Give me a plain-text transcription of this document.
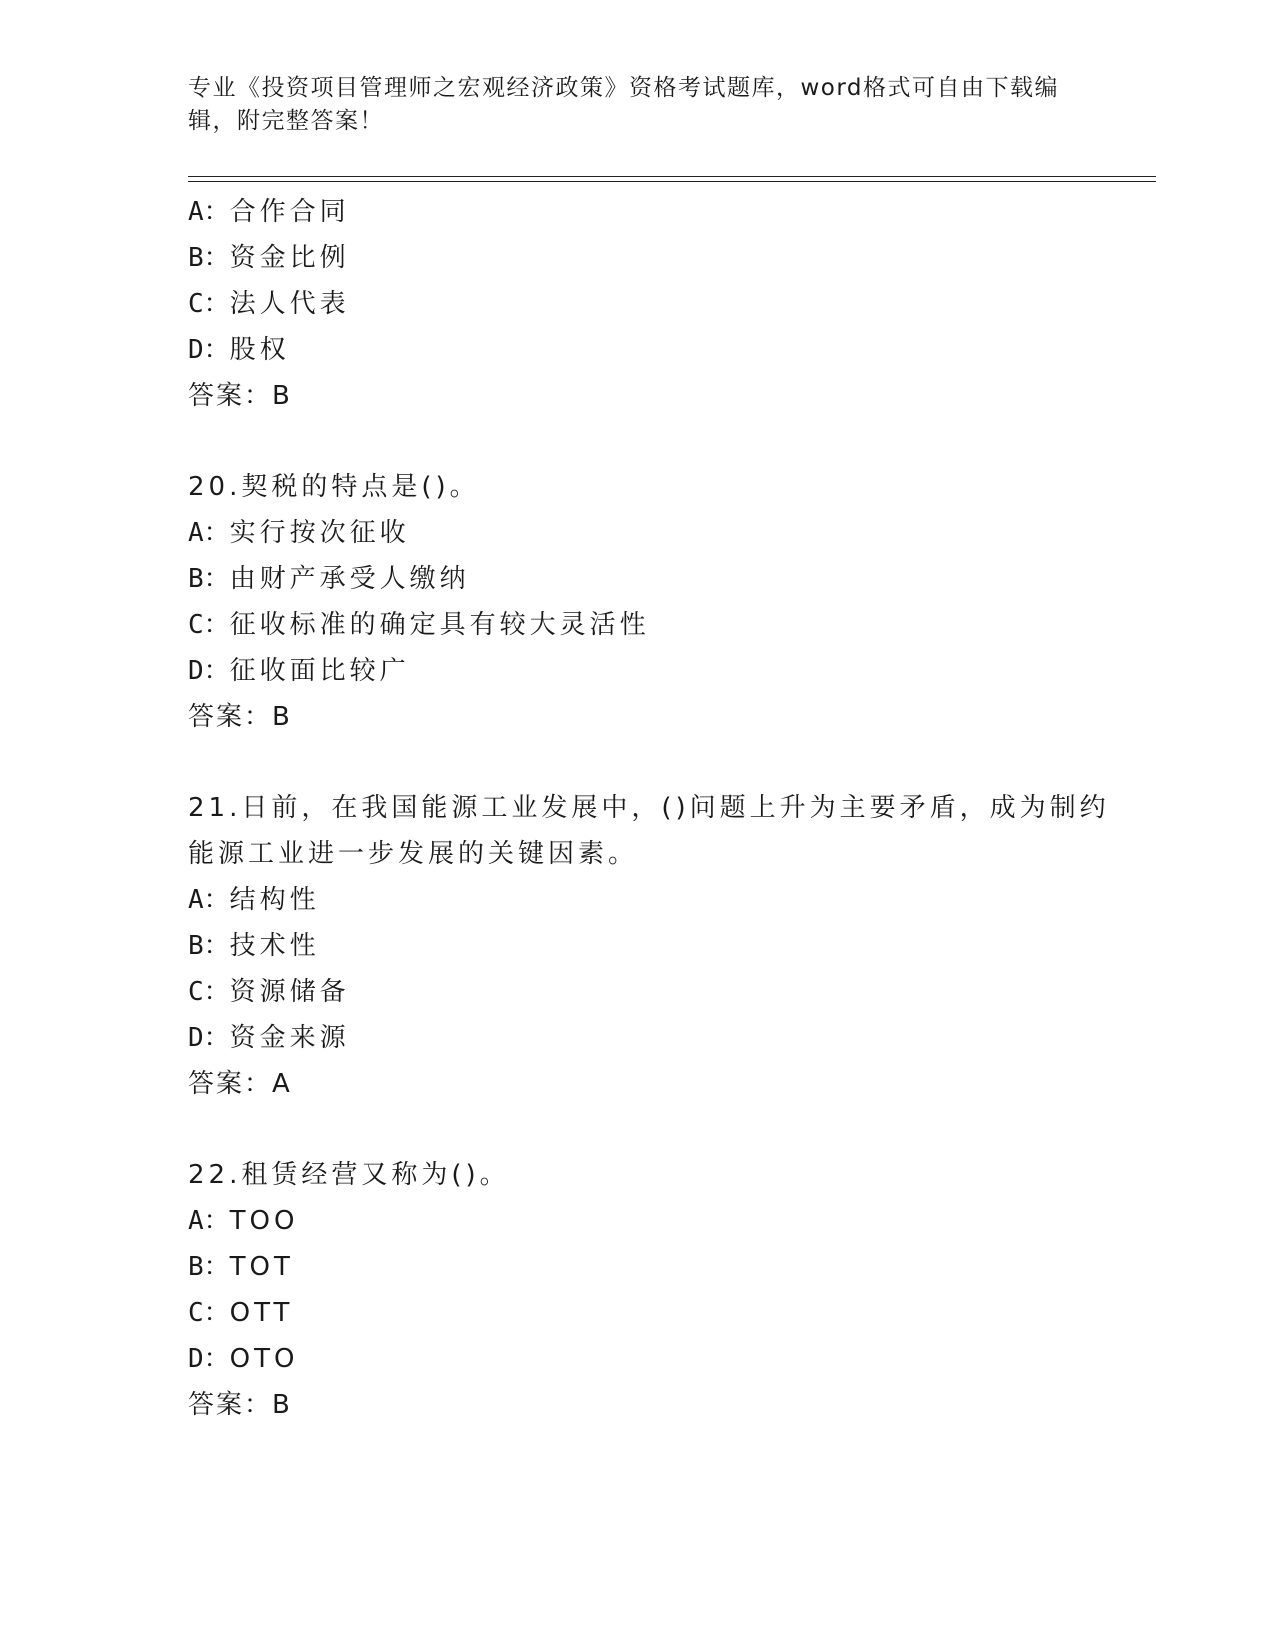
专业《投资项目管理师之宏观经济政策》资格考试题库，word格式可自由下载编辑，附完整答案！
A：合作合同
B：资金比例
C：法人代表
D：股权
答案：B
20.契税的特点是()。
A：实行按次征收
B：由财产承受人缴纳
C：征收标准的确定具有较大灵活性
D：征收面比较广
答案：B
21.日前，在我国能源工业发展中，()问题上升为主要矛盾，成为制约
能源工业进一步发展的关键因素。
A：结构性
B：技术性
C：资源储备
D：资金来源
答案：A
22.租赁经营又称为()。
A：TOO
B：TOT
C：OTT
D：OTO
答案：B
